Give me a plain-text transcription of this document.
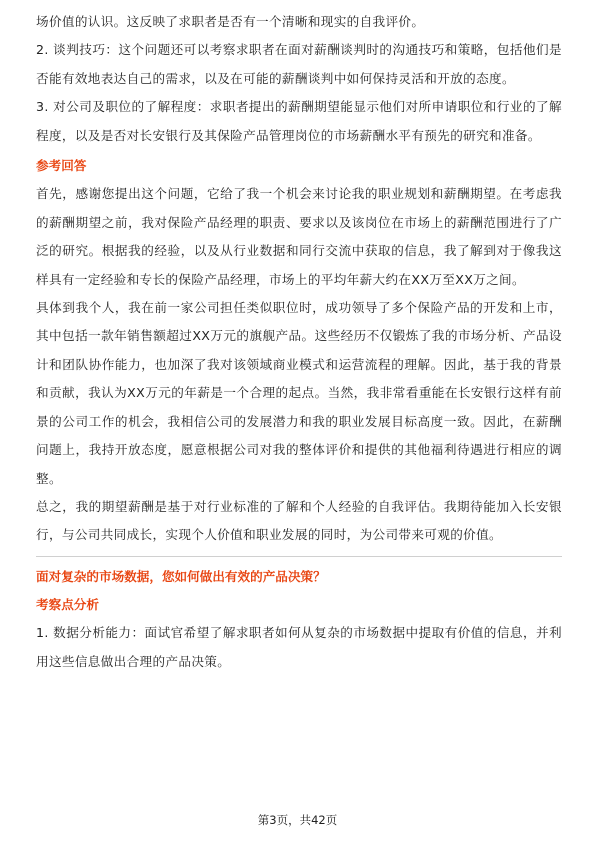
场价值的认识。这反映了求职者是否有一个清晰和现实的自我评价。

2. 谈判技巧：这个问题还可以考察求职者在面对薪酬谈判时的沟通技巧和策略，包括他们是否能有效地表达自己的需求，以及在可能的薪酬谈判中如何保持灵活和开放的态度。

3. 对公司及职位的了解程度：求职者提出的薪酬期望能显示他们对所申请职位和行业的了解程度，以及是否对长安银行及其保险产品管理岗位的市场薪酬水平有预先的研究和准备。

参考回答

首先，感谢您提出这个问题，它给了我一个机会来讨论我的职业规划和薪酬期望。在考虑我的薪酬期望之前，我对保险产品经理的职责、要求以及该岗位在市场上的薪酬范围进行了广泛的研究。根据我的经验，以及从行业数据和同行交流中获取的信息，我了解到对于像我这样具有一定经验和专长的保险产品经理，市场上的平均年薪大约在XX万至XX万之间。

具体到我个人，我在前一家公司担任类似职位时，成功领导了多个保险产品的开发和上市，其中包括一款年销售额超过XX万元的旗舰产品。这些经历不仅锻炼了我的市场分析、产品设计和团队协作能力，也加深了我对该领域商业模式和运营流程的理解。因此，基于我的背景和贡献，我认为XX万元的年薪是一个合理的起点。当然，我非常看重能在长安银行这样有前景的公司工作的机会，我相信公司的发展潜力和我的职业发展目标高度一致。因此，在薪酬问题上，我持开放态度，愿意根据公司对我的整体评价和提供的其他福利待遇进行相应的调整。

总之，我的期望薪酬是基于对行业标准的了解和个人经验的自我评估。我期待能加入长安银行，与公司共同成长，实现个人价值和职业发展的同时，为公司带来可观的价值。

面对复杂的市场数据，您如何做出有效的产品决策？

考察点分析

1. 数据分析能力：面试官希望了解求职者如何从复杂的市场数据中提取有价值的信息，并利用这些信息做出合理的产品决策。

第3页，共42页
